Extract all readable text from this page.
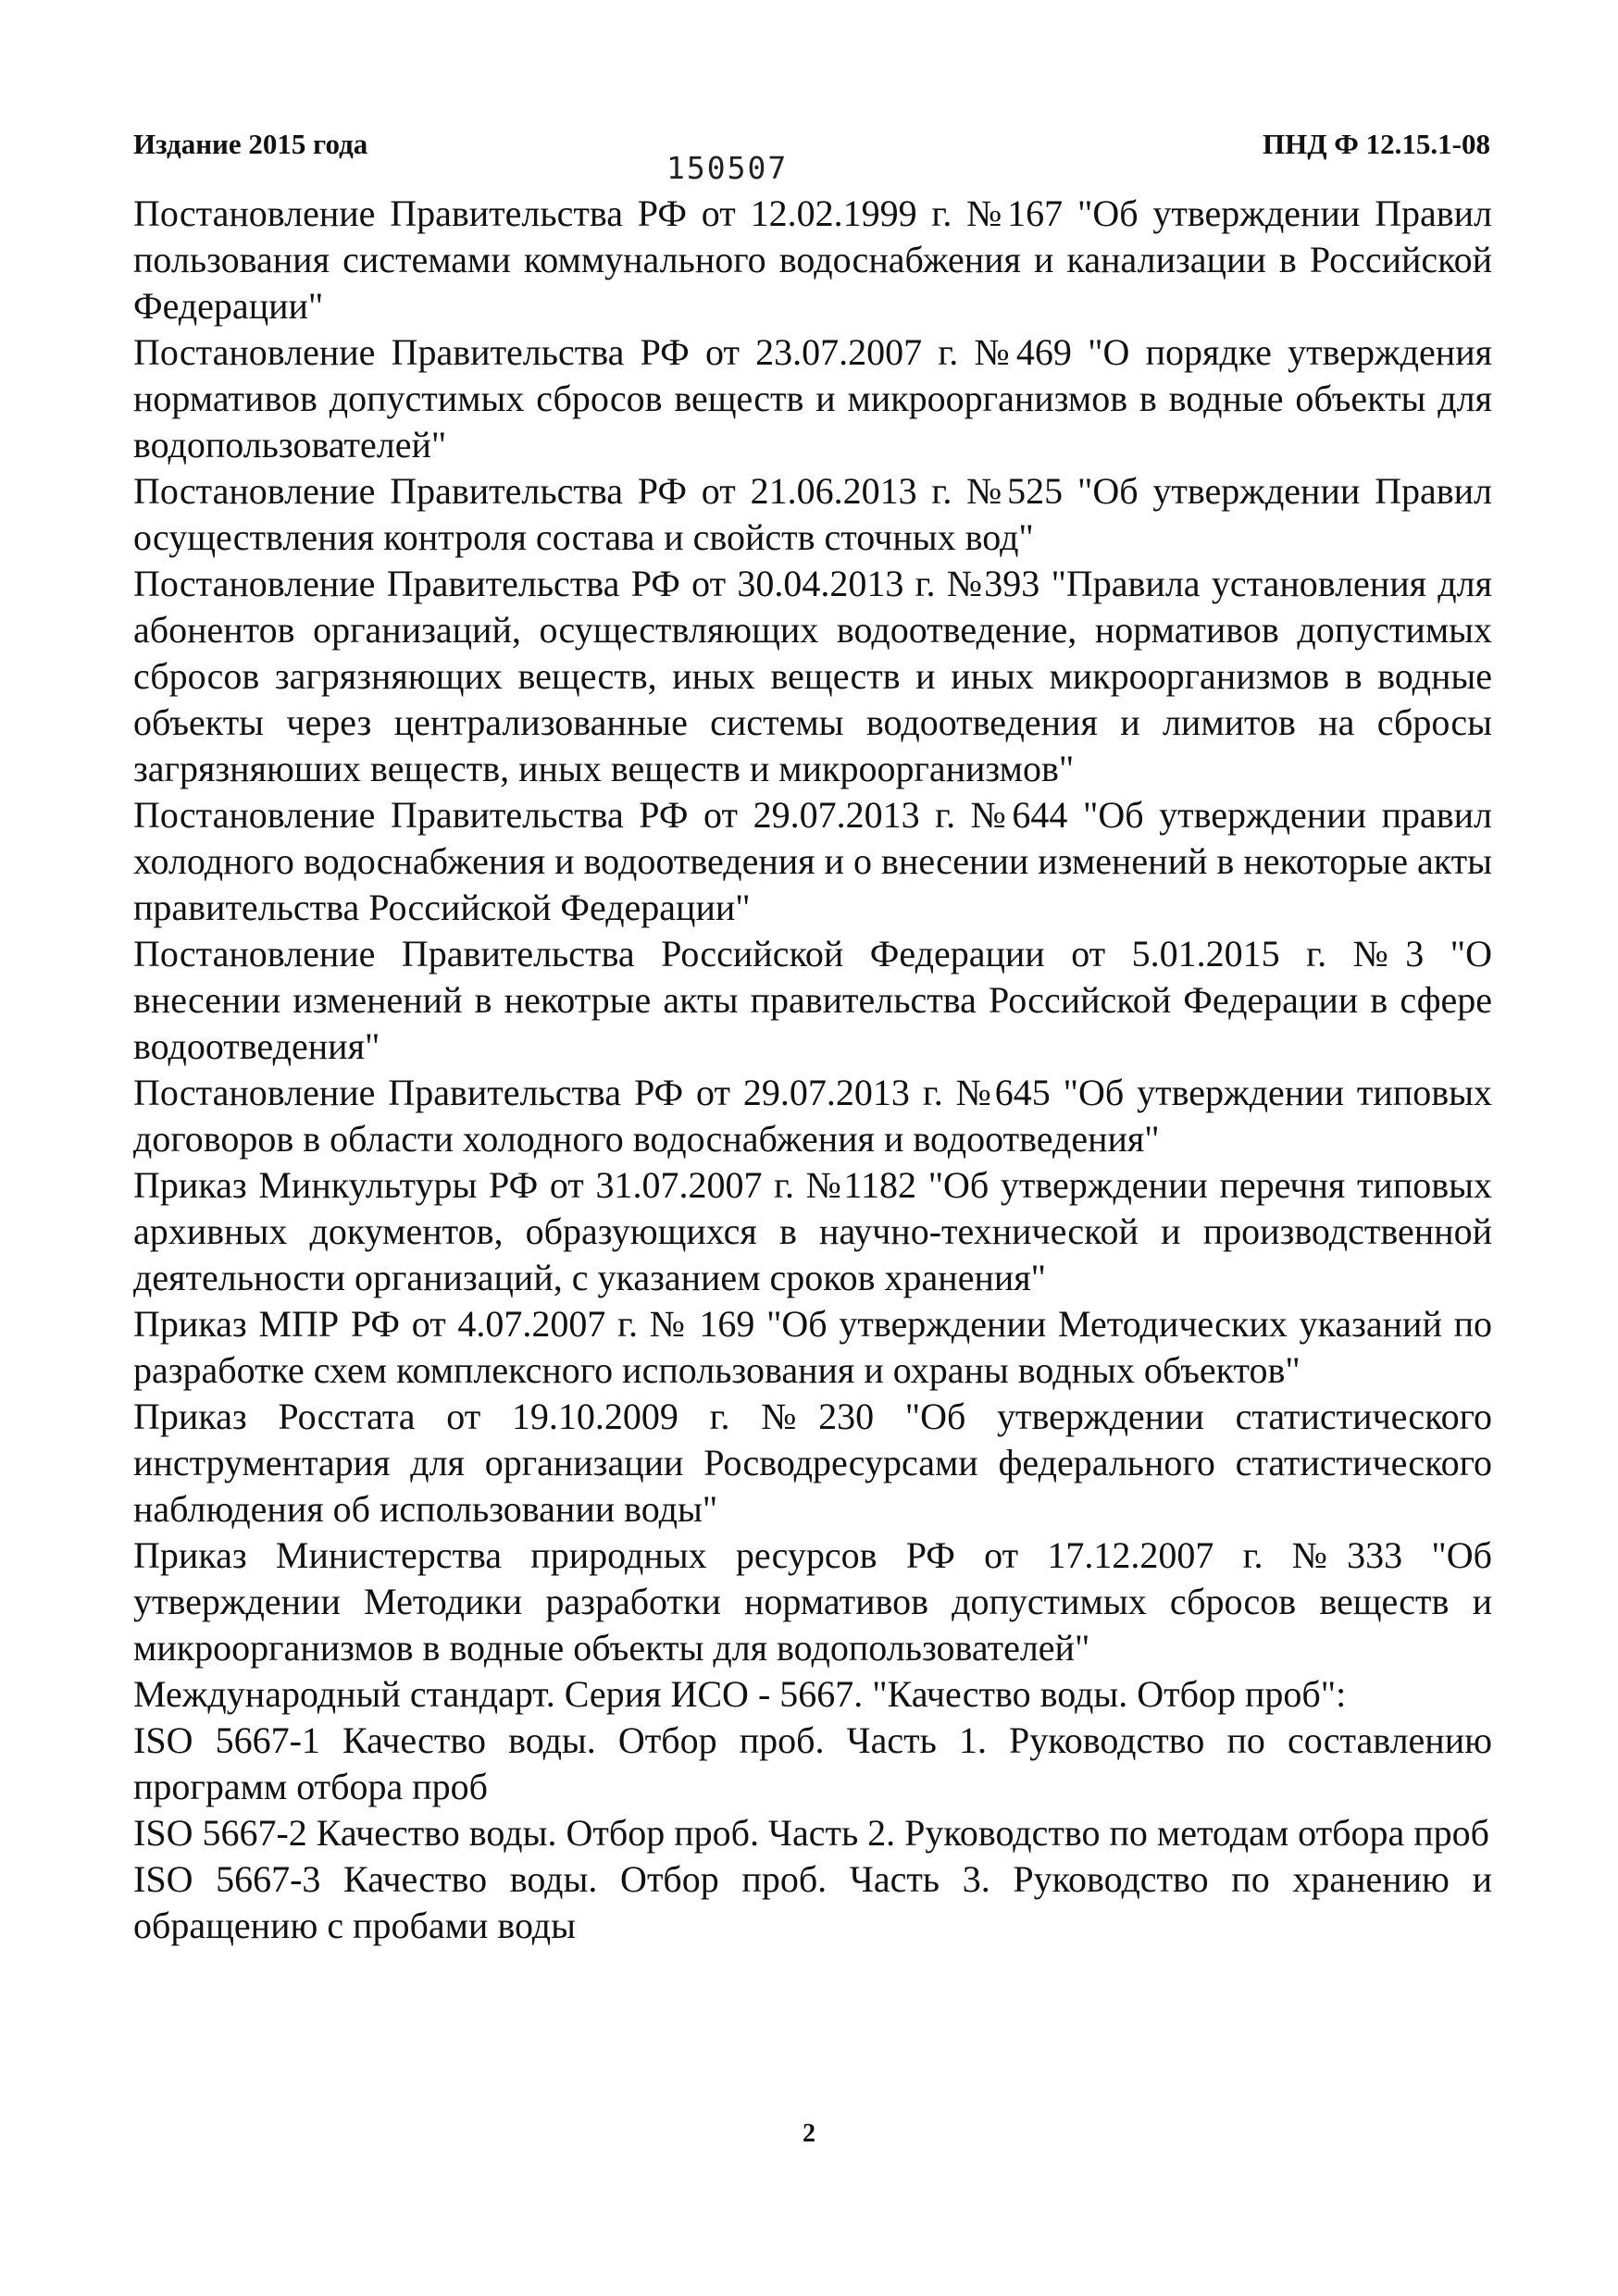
Издание 2015 года	ПНД Ф 12.15.1-08
150507
Постановление Правительства РФ от 12.02.1999 г. №167 "Об утверждении Правил пользования системами коммунального водоснабжения и канализации в Российской Федерации"
Постановление Правительства РФ от 23.07.2007 г. №469 "О порядке утверждения нормативов допустимых сбросов веществ и микроорганизмов в водные объекты для водопользователей"
Постановление Правительства РФ от 21.06.2013 г. №525 "Об утверждении Правил осуществления контроля состава и свойств сточных вод"
Постановление Правительства РФ от 30.04.2013 г. №393 "Правила установления для абонентов организаций, осуществляющих водоотведение, нормативов допустимых сбросов загрязняющих веществ, иных веществ и иных микроорганизмов в водные объекты через централизованные системы водоотведения и лимитов на сбросы загрязняюших веществ, иных веществ и микроорганизмов"
Постановление Правительства РФ от 29.07.2013 г. №644 "Об утверждении правил холодного водоснабжения и водоотведения и о внесении изменений в некоторые акты правительства Российской Федерации"
Постановление Правительства Российской Федерации от 5.01.2015 г. №3 "О внесении изменений в некотрые акты правительства Российской Федерации в сфере водоотведения"
Постановление Правительства РФ от 29.07.2013 г. №645 "Об утверждении типовых договоров в области холодного водоснабжения и водоотведения"
Приказ Минкультуры РФ от 31.07.2007 г. №1182 "Об утверждении перечня типовых архивных документов, образующихся в научно-технической и производственной деятельности организаций, с указанием сроков хранения"
Приказ МПР РФ от 4.07.2007 г. № 169 "Об утверждении Методических указаний по разработке схем комплексного использования и охраны водных объектов"
Приказ Росстата от 19.10.2009 г. №230 "Об утверждении статистического инструментария для организации Росводресурсами федерального статистического наблюдения об использовании воды"
Приказ Министерства природных ресурсов РФ от 17.12.2007 г. №333 "Об утверждении Методики разработки нормативов допустимых сбросов веществ и микроорганизмов в водные объекты для водопользователей"
Международный стандарт. Серия ИСО - 5667. "Качество воды. Отбор проб":
ISO 5667-1 Качество воды. Отбор проб. Часть 1. Руководство по составлению программ отбора проб
ISO 5667-2 Качество воды. Отбор проб. Часть 2. Руководство по методам отбора проб
ISO 5667-3 Качество воды. Отбор проб. Часть 3. Руководство по хранению и обращению с пробами воды
2
